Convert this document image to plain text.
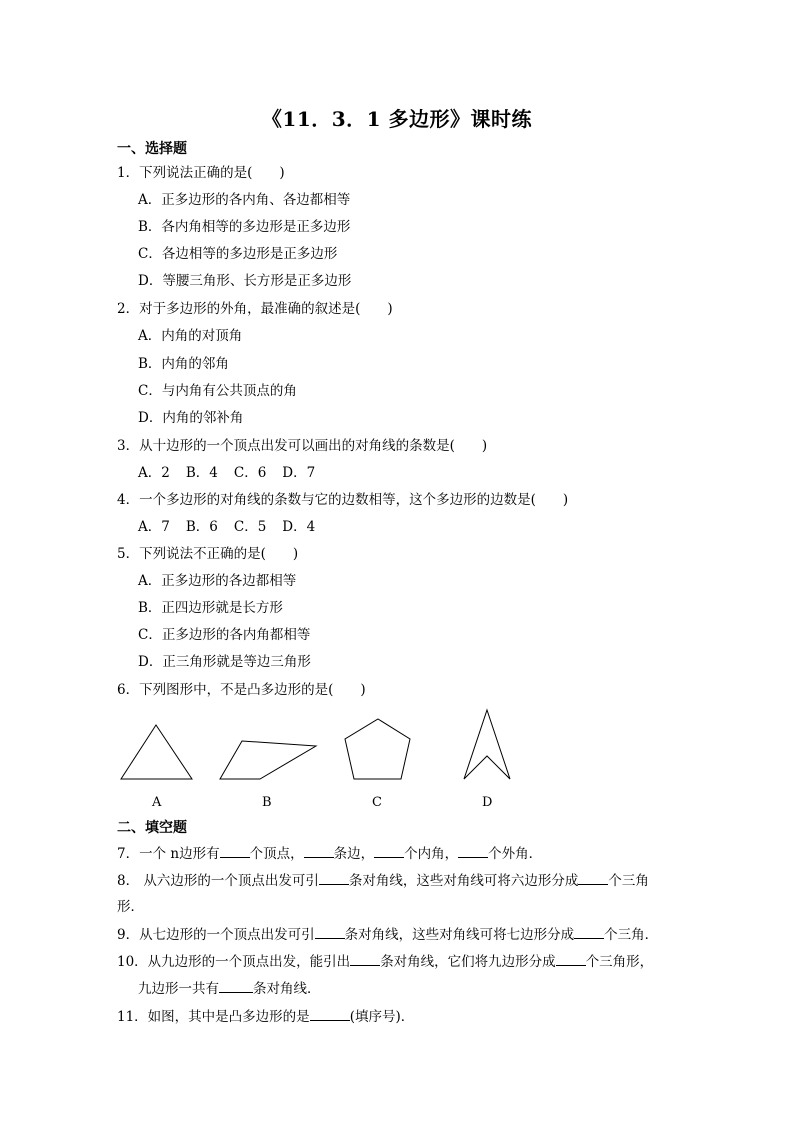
《11．3．1 多边形》课时练
一、选择题
1．下列说法正确的是(　　)
A．正多边形的各内角、各边都相等
B．各内角相等的多边形是正多边形
C．各边相等的多边形是正多边形
D．等腰三角形、长方形是正多边形
2．对于多边形的外角，最准确的叙述是(　　)
A．内角的对顶角
B．内角的邻角
C．与内角有公共顶点的角
D．内角的邻补角
3．从十边形的一个顶点出发可以画出的对角线的条数是(　　)
A．2 B．4 C．6 D．7
4．一个多边形的对角线的条数与它的边数相等，这个多边形的边数是(　　)
A．7 B．6 C．5 D．4
5．下列说法不正确的是(　　)
A．正多边形的各边都相等
B．正四边形就是长方形
C．正多边形的各内角都相等
D．正三角形就是等边三角形
6．下列图形中，不是凸多边形的是(　　)
A	B	C	D
二、填空题
7．一个 n边形有 个顶点， 条边， 个内角， 个外角．
8． 从六边形的一个顶点出发可引 条对角线，这些对角线可将六边形分成 个三角
形．
9．从七边形的一个顶点出发可引 条对角线，这些对角线可将七边形分成 个三角．
10．从九边形的一个顶点出发，能引出 条对角线，它们将九边形分成 个三角形，
九边形一共有	条对角线．
11．如图，其中是凸多边形的是	(填序号)．
